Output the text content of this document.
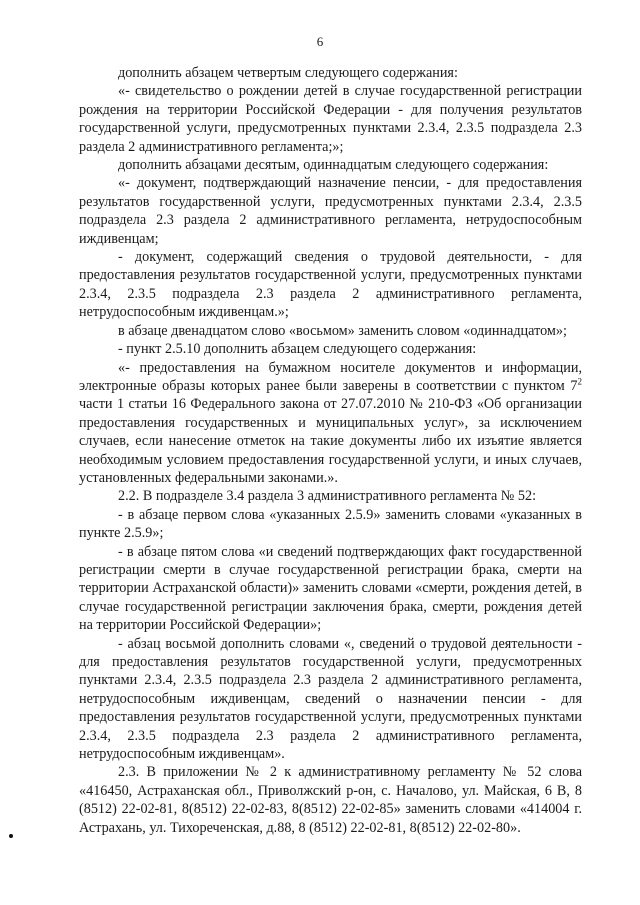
6

дополнить абзацем четвертым следующего содержания:

«- свидетельство о рождении детей в случае государственной регистрации рождения на территории Российской Федерации - для получения результатов государственной услуги, предусмотренных пунктами 2.3.4, 2.3.5 подраздела 2.3 раздела 2 административного регламента;»;

дополнить абзацами десятым, одиннадцатым следующего содержания:

«- документ, подтверждающий назначение пенсии, - для предоставления результатов государственной услуги, предусмотренных пунктами 2.3.4, 2.3.5 подраздела 2.3 раздела 2 административного регламента, нетрудоспособным иждивенцам;

- документ, содержащий сведения о трудовой деятельности, - для предоставления результатов государственной услуги, предусмотренных пунктами 2.3.4, 2.3.5 подраздела 2.3 раздела 2 административного регламента, нетрудоспособным иждивенцам.»;

в абзаце двенадцатом слово «восьмом» заменить словом «одиннадцатом»;

- пункт 2.5.10 дополнить абзацем следующего содержания:

«- предоставления на бумажном носителе документов и информации, электронные образы которых ранее были заверены в соответствии с пунктом $7^2$ части 1 статьи 16 Федерального закона от 27.07.2010 № 210-ФЗ «Об организации предоставления государственных и муниципальных услуг», за исключением случаев, если нанесение отметок на такие документы либо их изъятие является необходимым условием предоставления государственной услуги, и иных случаев, установленных федеральными законами.».

2.2. В подразделе 3.4 раздела 3 административного регламента № 52:

- в абзаце первом слова «указанных 2.5.9» заменить словами «указанных в пункте 2.5.9»;

- в абзаце пятом слова «и сведений подтверждающих факт государственной регистрации смерти в случае государственной регистрации брака, смерти на территории Астраханской области)» заменить словами «смерти, рождения детей, в случае государственной регистрации заключения брака, смерти, рождения детей на территории Российской Федерации»;

- абзац восьмой дополнить словами «, сведений о трудовой деятельности - для предоставления результатов государственной услуги, предусмотренных пунктами 2.3.4, 2.3.5 подраздела 2.3 раздела 2 административного регламента, нетрудоспособным иждивенцам, сведений о назначении пенсии - для предоставления результатов государственной услуги, предусмотренных пунктами 2.3.4, 2.3.5 подраздела 2.3 раздела 2 административного регламента, нетрудоспособным иждивенцам».

2.3. В приложении № 2 к административному регламенту № 52 слова «416450, Астраханская обл., Приволжский р-он, с. Началово, ул. Майская, 6 В, 8 (8512) 22-02-81, 8(8512) 22-02-83, 8(8512) 22-02-85» заменить словами «414004 г. Астрахань, ул. Тихореченская, д.88, 8 (8512) 22-02-81, 8(8512) 22-02-80».
